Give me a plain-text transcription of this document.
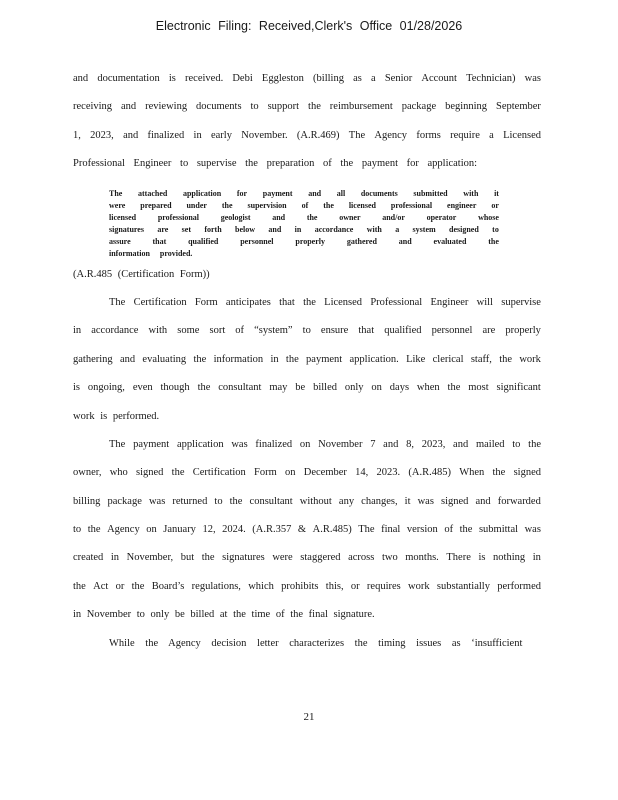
Electronic Filing: Received,Clerk's Office 01/28/2026
and documentation is received. Debi Eggleston (billing as a Senior Account Technician) was
receiving and reviewing documents to support the reimbursement package beginning September
1, 2023, and finalized in early November. (A.R.469) The Agency forms require a Licensed
Professional Engineer to supervise the preparation of the payment for application:
The attached application for payment and all documents submitted with it
were prepared under the supervision of the licensed professional engineer or
licensed	professional	geologist	and	the	owner	and/or	operator	whose
signatures are set forth below and in accordance with a system designed to
assure	that	qualified	personnel	properly	gathered	and	evaluated	the
information provided.
(A.R.485 (Certification Form))
The Certification Form anticipates that the Licensed Professional Engineer will supervise
in accordance with some sort of “system” to ensure that qualified personnel are properly
gathering and evaluating the information in the payment application. Like clerical staff, the work
is ongoing, even though the consultant may be billed only on days when the most significant
work is performed.
The payment application was finalized on November 7 and 8, 2023, and mailed to the
owner, who signed the Certification Form on December 14, 2023. (A.R.485) When the signed
billing package was returned to the consultant without any changes, it was signed and forwarded
to the Agency on January 12, 2024. (A.R.357 & A.R.485) The final version of the submittal was
created in November, but the signatures were staggered across two months. There is nothing in
the Act or the Board’s regulations, which prohibits this, or requires work substantially performed
in November to only be billed at the time of the final signature.
While the Agency decision letter characterizes the timing issues as ‘insufficient
21
